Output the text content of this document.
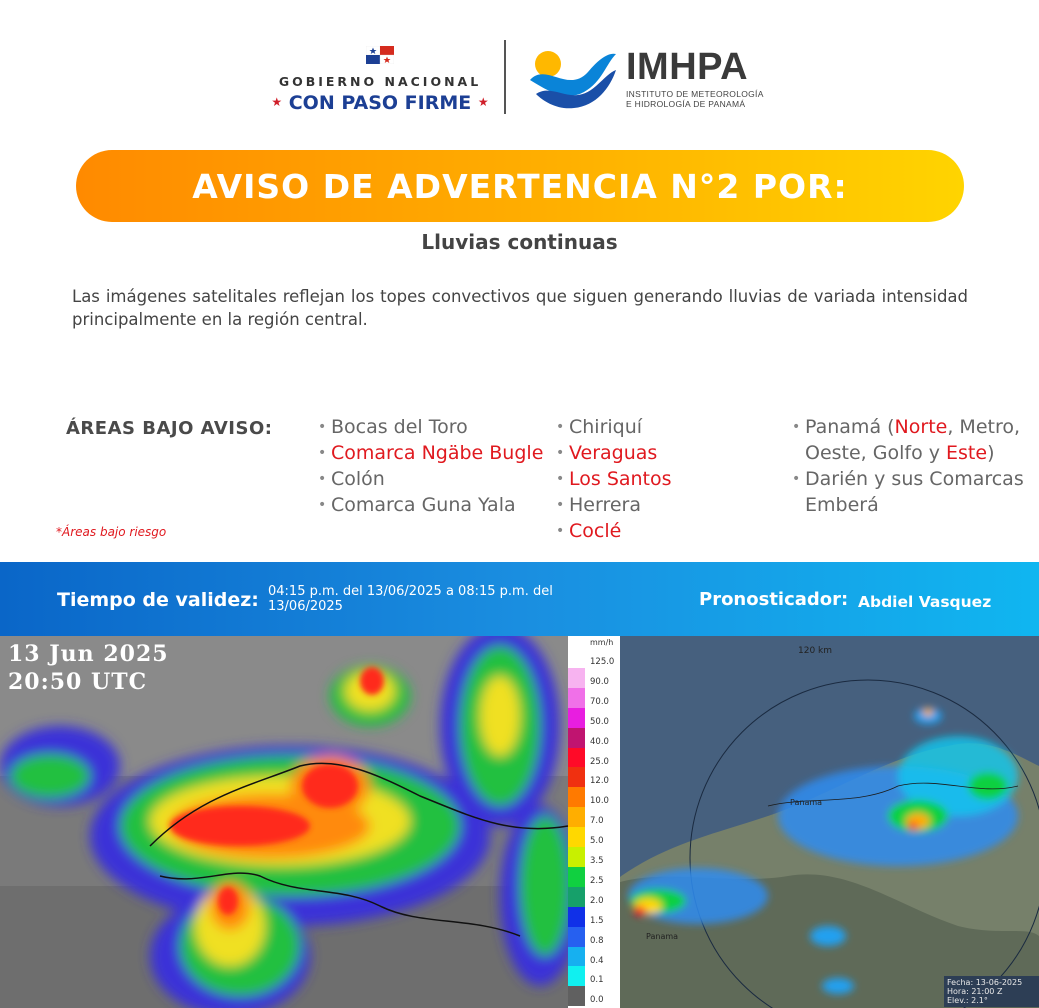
GOBIERNO NACIONAL
★ CON PASO FIRME ★
IMHPA
INSTITUTO DE METEOROLOGÍA
E HIDROLOGÍA DE PANAMÁ
AVISO DE ADVERTENCIA N°2 POR:
Lluvias continuas
Las imágenes satelitales reflejan los topes convectivos que siguen generando lluvias de variada intensidad principalmente en la región central.
ÁREAS BAJO AVISO:
*Áreas bajo riesgo
• Bocas del Toro
• Comarca Ngäbe Bugle
• Colón
• Comarca Guna Yala
• Chiriquí
• Veraguas
• Los Santos
• Herrera
• Coclé
• Panamá (Norte, Metro, Oeste, Golfo y Este)
• Darién y sus Comarcas Emberá
Tiempo de validez: 04:15 p.m. del 13/06/2025 a 08:15 p.m. del 13/06/2025	Pronosticador: Abdiel Vasquez
13 Jun 2025
20:50 UTC
mm/h
125.0
90.0
70.0
50.0
40.0
25.0
12.0
10.0
7.0
5.0
3.5
2.5
2.0
1.5
0.8
0.4
0.1
0.0
120 km
Panama
Panama
Fecha: 13-06-2025
Hora: 21:00 Z
Elev.: 2.1°
